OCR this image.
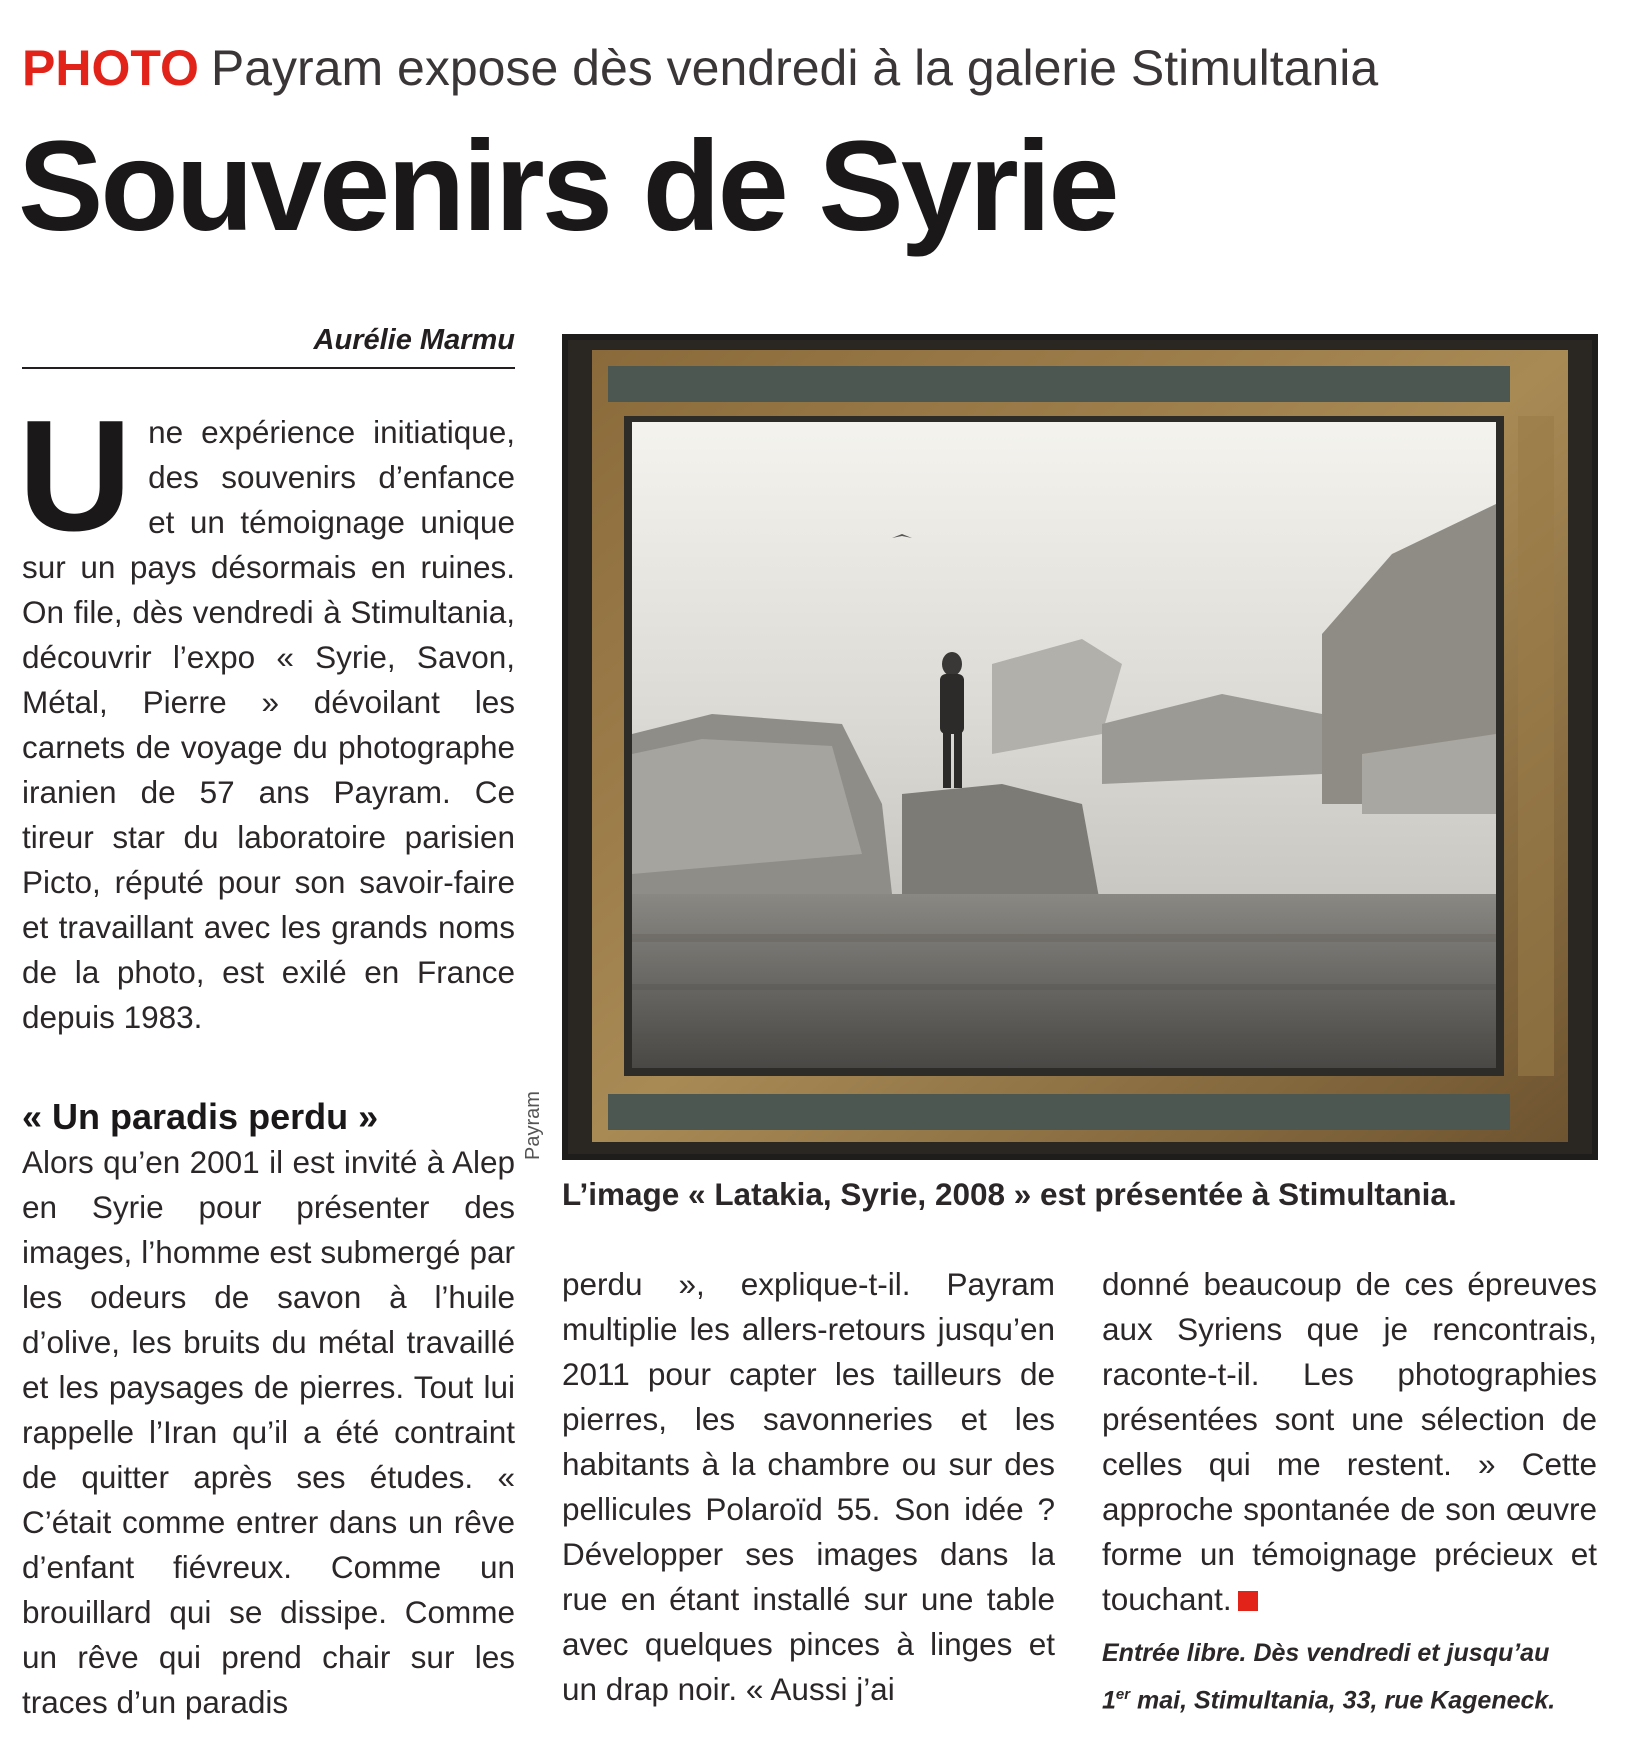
PHOTO Payram expose dès vendredi à la galerie Stimultania
Souvenirs de Syrie
Aurélie Marmu

Une expérience initiatique, des souvenirs d’enfance et un témoignage unique sur un pays désormais en ruines. On file, dès vendredi à Stimultania, découvrir l’expo « Syrie, Savon, Métal, Pierre » dévoilant les carnets de voyage du photographe iranien de 57 ans Payram. Ce tireur star du laboratoire parisien Picto, réputé pour son savoir-faire et travaillant avec les grands noms de la photo, est exilé en France depuis 1983.

« Un paradis perdu »

Alors qu’en 2001 il est invité à Alep en Syrie pour présenter des images, l’homme est submergé par les odeurs de savon à l’huile d’olive, les bruits du métal travaillé et les paysages de pierres. Tout lui rappelle l’Iran qu’il a été contraint de quitter après ses études. « C’était comme entrer dans un rêve d’enfant fiévreux. Comme un brouillard qui se dissipe. Comme un rêve qui prend chair sur les traces d’un paradis

Payram
L’image « Latakia, Syrie, 2008 » est présentée à Stimultania.

perdu », explique-t-il. Payram multiplie les allers-retours jusqu’en 2011 pour capter les tailleurs de pierres, les savonneries et les habitants à la chambre ou sur des pellicules Polaroïd 55. Son idée ? Développer ses images dans la rue en étant installé sur une table avec quelques pinces à linges et un drap noir. « Aussi j’ai

donné beaucoup de ces épreuves aux Syriens que je rencontrais, raconte-t-il. Les photographies présentées sont une sélection de celles qui me restent. » Cette approche spontanée de son œuvre forme un témoignage précieux et touchant.

Entrée libre. Dès vendredi et jusqu’au
1er mai, Stimultania, 33, rue Kageneck.
